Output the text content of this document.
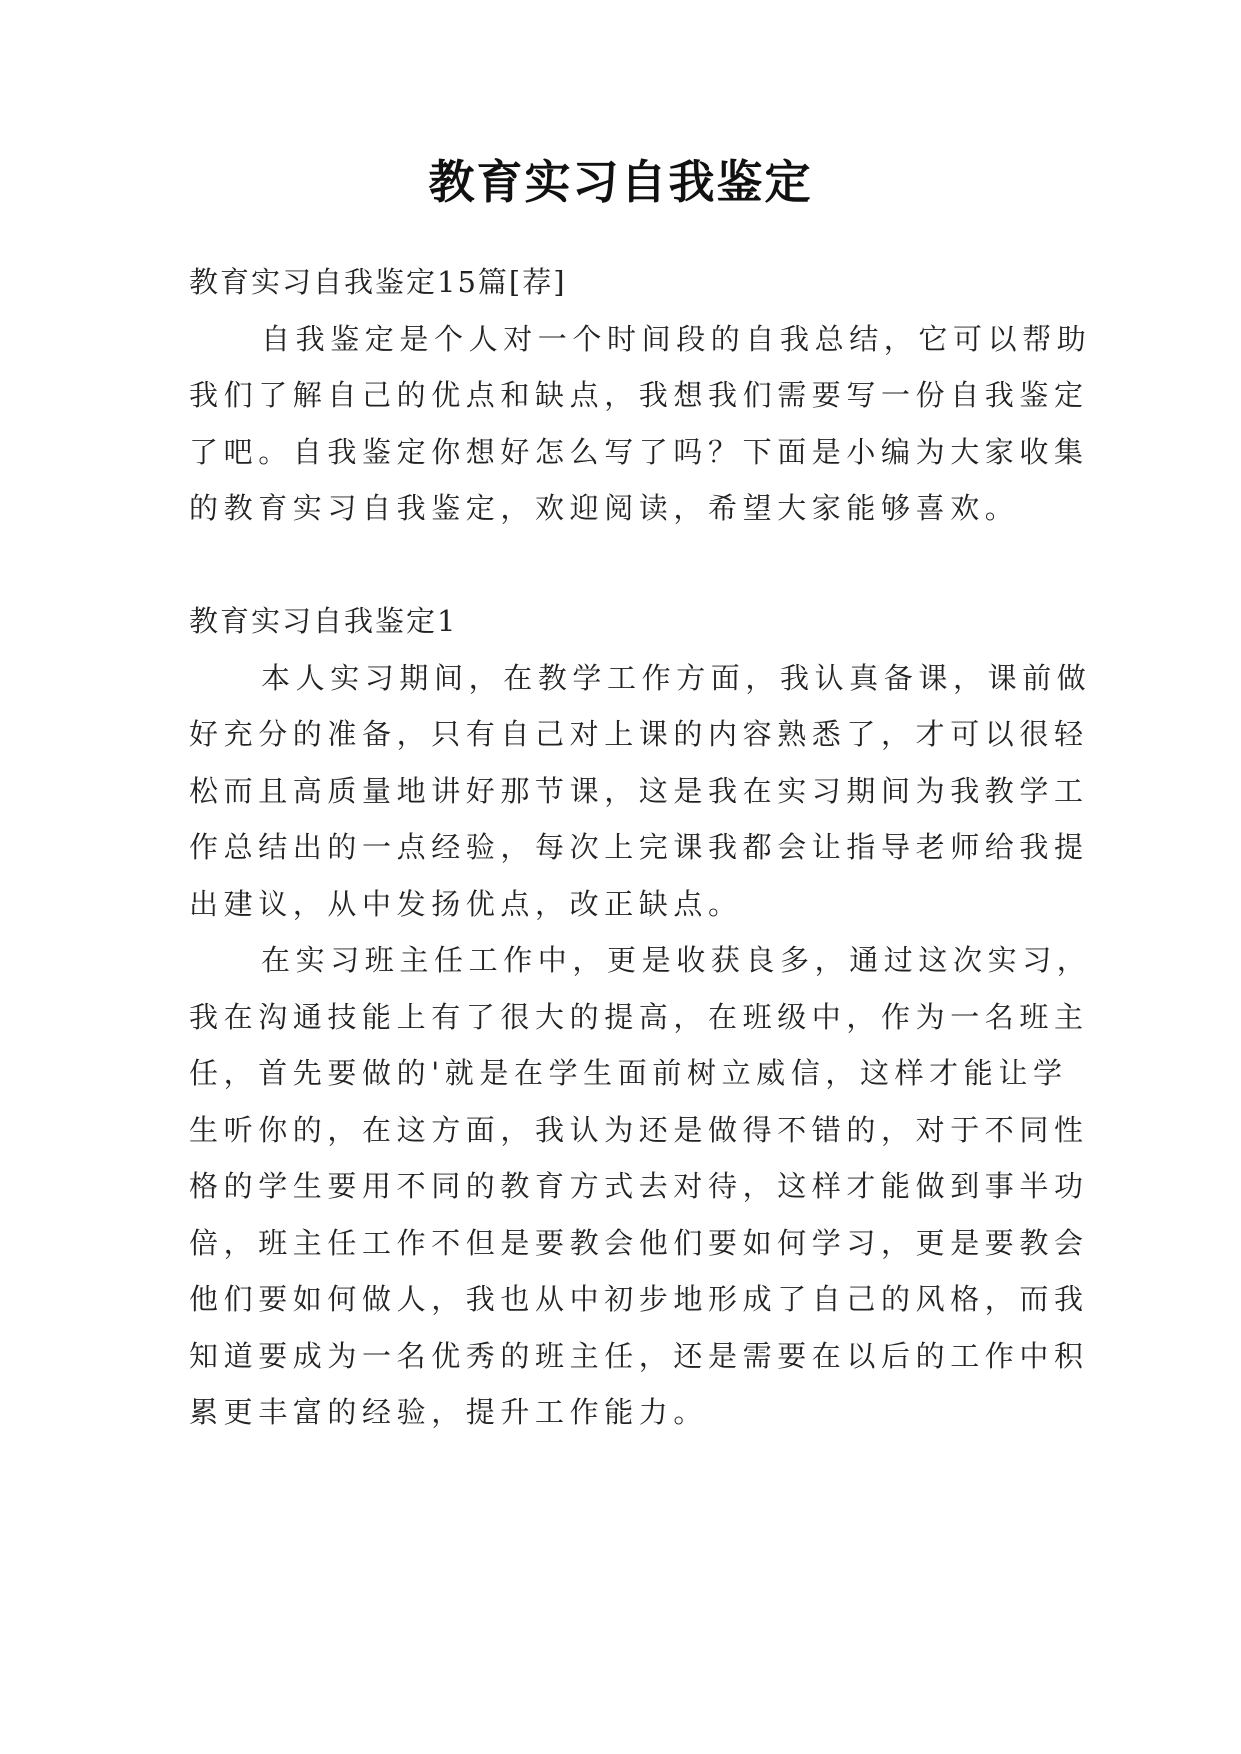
教育实习自我鉴定
教育实习自我鉴定15篇[荐]
自我鉴定是个人对一个时间段的自我总结，它可以帮助
我们了解自己的优点和缺点，我想我们需要写一份自我鉴定
了吧。自我鉴定你想好怎么写了吗？下面是小编为大家收集
的教育实习自我鉴定，欢迎阅读，希望大家能够喜欢。
教育实习自我鉴定1
本人实习期间，在教学工作方面，我认真备课，课前做
好充分的准备，只有自己对上课的内容熟悉了，才可以很轻
松而且高质量地讲好那节课，这是我在实习期间为我教学工
作总结出的一点经验，每次上完课我都会让指导老师给我提
出建议，从中发扬优点，改正缺点。
在实习班主任工作中，更是收获良多，通过这次实习，
我在沟通技能上有了很大的提高，在班级中，作为一名班主
任，首先要做的'就是在学生面前树立威信，这样才能让学
生听你的，在这方面，我认为还是做得不错的，对于不同性
格的学生要用不同的教育方式去对待，这样才能做到事半功
倍，班主任工作不但是要教会他们要如何学习，更是要教会
他们要如何做人，我也从中初步地形成了自己的风格，而我
知道要成为一名优秀的班主任，还是需要在以后的工作中积
累更丰富的经验，提升工作能力。
